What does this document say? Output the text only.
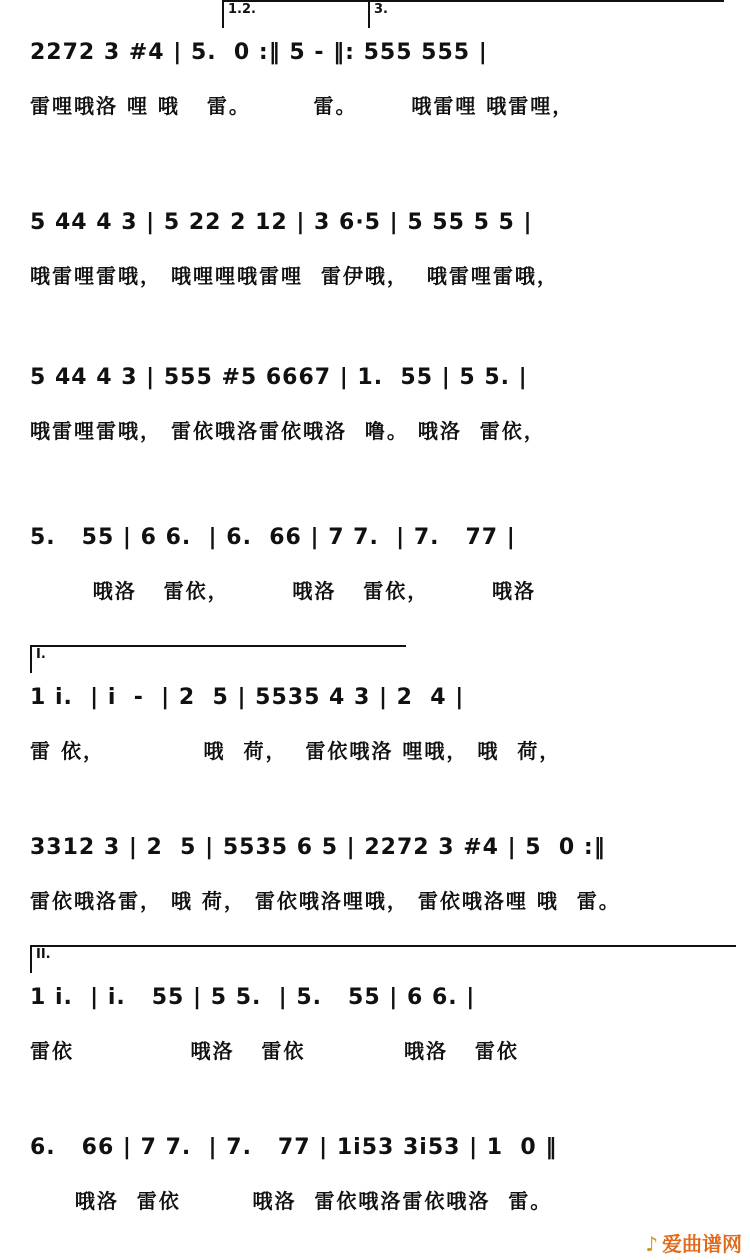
1.2.	3.
2272 3 #4 | 5.  0 :‖ 5 - ‖: 555 555 |
雷哩哦洛 哩 哦   雷。       雷。      哦雷哩 哦雷哩，
5 44 4 3 | 5 22 2 12 | 3 6·5 | 5 55 5 5 |
哦雷哩雷哦， 哦哩哩哦雷哩  雷伊哦，  哦雷哩雷哦，
5 44 4 3 | 555 #5 6667 | 1.  55 | 5 5. |
哦雷哩雷哦， 雷依哦洛雷依哦洛  噜。 哦洛  雷依，
5.   55 | 6 6.  | 6.  66 | 7 7.  | 7.   77 |
哦洛   雷依，       哦洛   雷依，       哦洛
I.
1 i.  | i  -  | 2  5 | 5535 4 3 | 2  4 |
雷 依，           哦  荷，  雷依哦洛 哩哦， 哦  荷，
3312 3 | 2  5 | 5535 6 5 | 2272 3 #4 | 5  0 :‖
雷依哦洛雷， 哦 荷， 雷依哦洛哩哦， 雷依哦洛哩 哦  雷。
II.
1 i.  | i.   55 | 5 5.  | 5.   55 | 6 6. |
雷依             哦洛   雷依           哦洛   雷依
6.   66 | 7 7.  | 7.   77 | 1i53 3i53 | 1  0 ‖
哦洛  雷依        哦洛  雷依哦洛雷依哦洛  雷。
♪ 爱曲谱网
